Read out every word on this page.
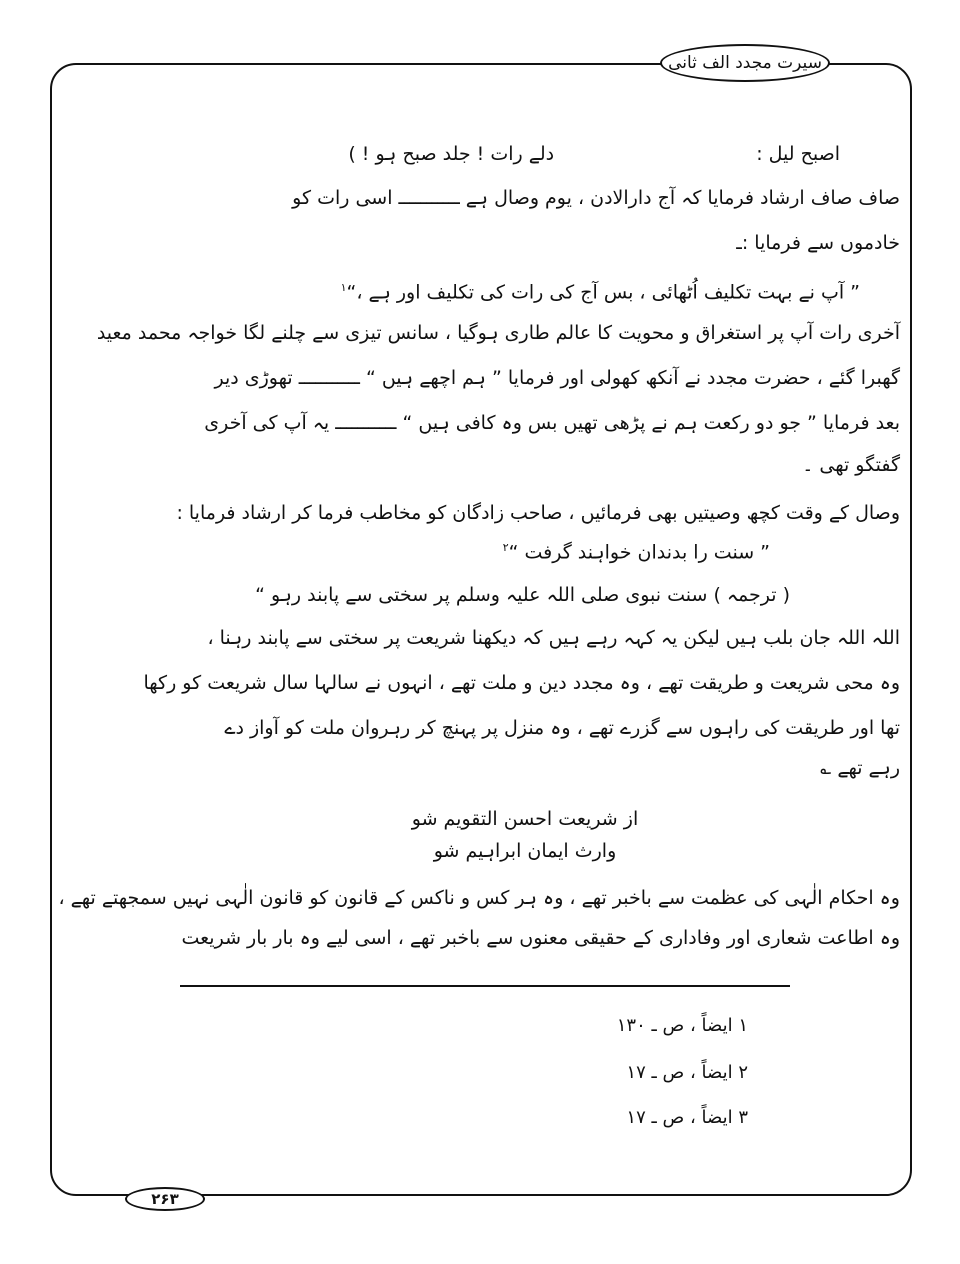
سیرت مجدد الف ثانی
اصبح لیل :  دلے رات ! جلد صبح ہو ! )
صاف صاف ارشاد فرمایا کہ آج دارالادن ، یوم وصال ہے ـــــــــــ اسی رات کو
خادموں سے فرمایا :ـ
” آپ نے بہت تکلیف اُٹھائی ، بس آج کی رات کی تکلیف اور ہے ،“$^۱$
آخری رات آپ پر استغراق و محویت کا عالم طاری ہوگیا ، سانس تیزی سے چلنے لگا خواجہ محمد معید
گھبرا گئے ، حضرت مجدد نے آنکھ کھولی اور فرمایا ” ہم اچھے ہیں “ ـــــــــــ تھوڑی دیر
بعد فرمایا ” جو دو رکعت ہم نے پڑھی تھیں بس وہ کافی ہیں “ ـــــــــــ یہ آپ کی آخری
گفتگو تھی ۔
وصال کے وقت کچھ وصیتیں بھی فرمائیں ، صاحب زادگان کو مخاطب فرما کر ارشاد فرمایا :
” سنت را بدندان خواہند گرفت “$^۲$
( ترجمہ ) سنت نبوی صلی اللہ علیہ وسلم پر سختی سے پابند رہو “
اللہ اللہ جان بلب ہیں لیکن یہ کہہ رہے ہیں کہ دیکھنا شریعت پر سختی سے پابند رہنا ،
وہ محی شریعت و طریقت تھے ، وہ مجدد دین و ملت تھے ، انہوں نے سالہا سال شریعت کو رکھا
تھا اور طریقت کی راہوں سے گزرے تھے ، وہ منزل پر پہنچ کر رہروان ملت کو آواز دے
رہے تھے ؎
از شریعت احسن التقویم شو
وارث ایمان ابراہیم شو
وہ احکام الٰہی کی عظمت سے باخبر تھے ، وہ ہر کس و ناکس کے قانون کو قانون الٰہی نہیں سمجھتے تھے ،
وہ اطاعت شعاری اور وفاداری کے حقیقی معنوں سے باخبر تھے ، اسی لیے وہ بار بار شریعت
۱ ایضاً ، ص ـ ۱۳۰
۲ ایضاً ، ص ـ ۱۷
۳ ایضاً ، ص ـ ۱۷
۲۶۳
